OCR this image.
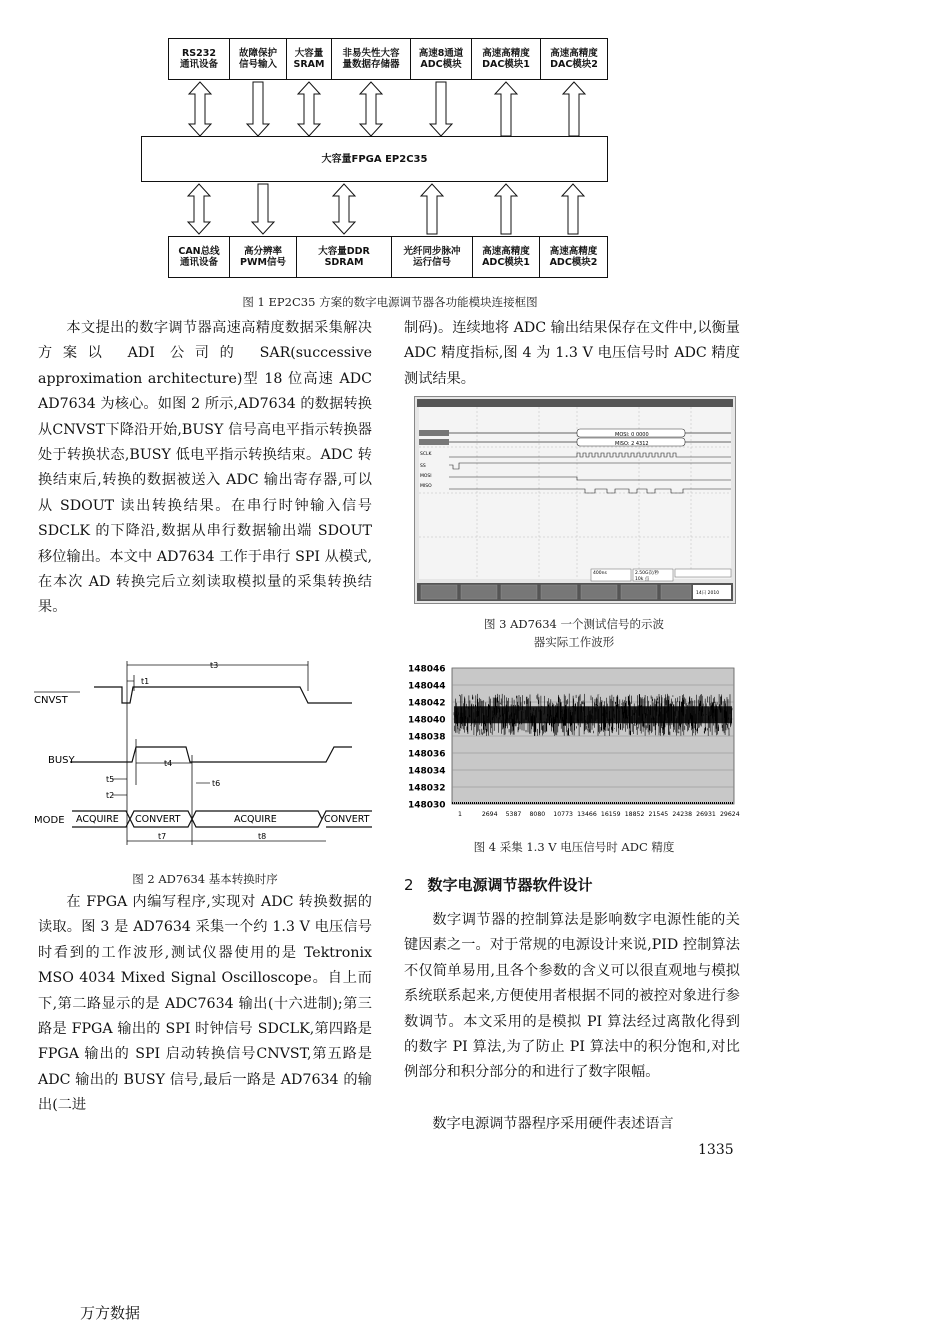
RS232
通讯设备
故障保护
信号输入
大容量
SRAM
非易失性大容
量数据存储器
高速8通道
ADC模块
高速高精度
DAC模块1
高速高精度
DAC模块2
大容量FPGA EP2C35
CAN总线
通讯设备
高分辨率
PWM信号
大容量DDR
SDRAM
光纤同步脉冲
运行信号
高速高精度
ADC模块1
高速高精度
ADC模块2
图 1 EP2C35 方案的数字电源调节器各功能模块连接框图

本文提出的数字调节器高速高精度数据采集解决方案以 ADI 公司的 SAR(successive approximation architecture)型 18 位高速 ADC AD7634 为核心。如图 2 所示,AD7634 的数据转换从CNVST下降沿开始,BUSY 信号高电平指示转换器处于转换状态,BUSY 低电平指示转换结束。ADC 转换结束后,转换的数据被送入 ADC 输出寄存器,可以从 SDOUT 读出转换结果。在串行时钟输入信号 SDCLK 的下降沿,数据从串行数据输出端 SDOUT 移位输出。本文中 AD7634 工作于串行 SPI 从模式,在本次 AD 转换完后立刻读取模拟量的采集转换结果。

CNVST
BUSY
MODE ACQUIRE CONVERT	ACQUIRE	CONVERT
t3
t1
t4
t5	t6
t2
t7	t8
图 2 AD7634 基本转换时序

在 FPGA 内编写程序,实现对 ADC 转换数据的读取。图 3 是 AD7634 采集一个约 1.3 V 电压信号时看到的工作波形,测试仪器使用的是 Tektronix MSO 4034 Mixed Signal Oscilloscope。自上而下,第二路显示的是 ADC7634 输出(十六进制);第三路是 FPGA 输出的 SPI 时钟信号 SDCLK,第四路是 FPGA 输出的 SPI 启动转换信号CNVST,第五路是 ADC 输出的 BUSY 信号,最后一路是 AD7634 的输出(二进

制码)。连续地将 ADC 输出结果保存在文件中,以衡量 ADC 精度指标,图 4 为 1.3 V 电压信号时 ADC 精度测试结果。

MOSI: 0 0000
MISO: 2 4312
SCLK
SS
MOSI
MISO
400ns	2.50G次/秒
10k 点
14日 2010
图 3 AD7634 一个测试信号的示波
器实际工作波形
148046
148044
148042
148040
148038
148036
148034
148032
148030
1	2694 5387 8080 10773 13466 16159 18852 21545 24238 26931 29624
图 4 采集 1.3 V 电压信号时 ADC 精度
2 数字电源调节器软件设计

数字调节器的控制算法是影响数字电源性能的关键因素之一。对于常规的电源设计来说,PID 控制算法不仅简单易用,且各个参数的含义可以很直观地与模拟系统联系起来,方便使用者根据不同的被控对象进行参数调节。本文采用的是模拟 PI 算法经过离散化得到的数字 PI 算法,为了防止 PI 算法中的积分饱和,对比例部分和积分部分的和进行了数字限幅。

数字电源调节器程序采用硬件表述语言

1335
万方数据
